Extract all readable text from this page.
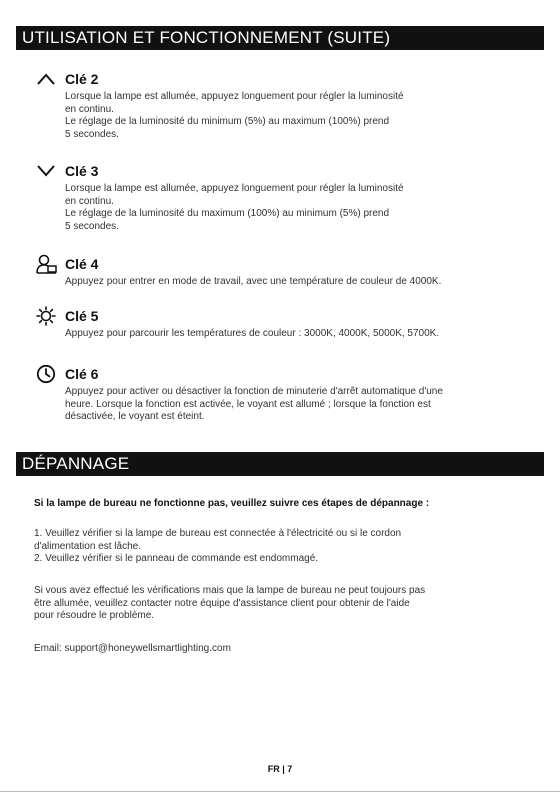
UTILISATION ET FONCTIONNEMENT (SUITE)
Clé 2

Lorsque la lampe est allumée, appuyez longuement pour régler la luminosité

en continu.

Le réglage de la luminosité du minimum (5%) au maximum (100%) prend

5 secondes.

Clé 3

Lorsque la lampe est allumée, appuyez longuement pour régler la luminosité

en continu.

Le réglage de la luminosité du maximum (100%) au minimum (5%) prend

5 secondes.

Clé 4

Appuyez pour entrer en mode de travail, avec une température de couleur de 4000K.

Clé 5

Appuyez pour parcourir les températures de couleur : 3000K, 4000K, 5000K, 5700K.

Clé 6

Appuyez pour activer ou désactiver la fonction de minuterie d'arrêt automatique d'une

heure. Lorsque la fonction est activée, le voyant est allumé ; lorsque la fonction est

désactivée, le voyant est éteint.

DÉPANNAGE

Si la lampe de bureau ne fonctionne pas, veuillez suivre ces étapes de dépannage :

1. Veuillez vérifier si la lampe de bureau est connectée à l'électricité ou si le cordon

d'alimentation est lâche.

2. Veuillez vérifier si le panneau de commande est endommagé.

Si vous avez effectué les vérifications mais que la lampe de bureau ne peut toujours pas

être allumée, veuillez contacter notre équipe d'assistance client pour obtenir de l'aide

pour résoudre le problème.

Email: support@honeywellsmartlighting.com

FR | 7
